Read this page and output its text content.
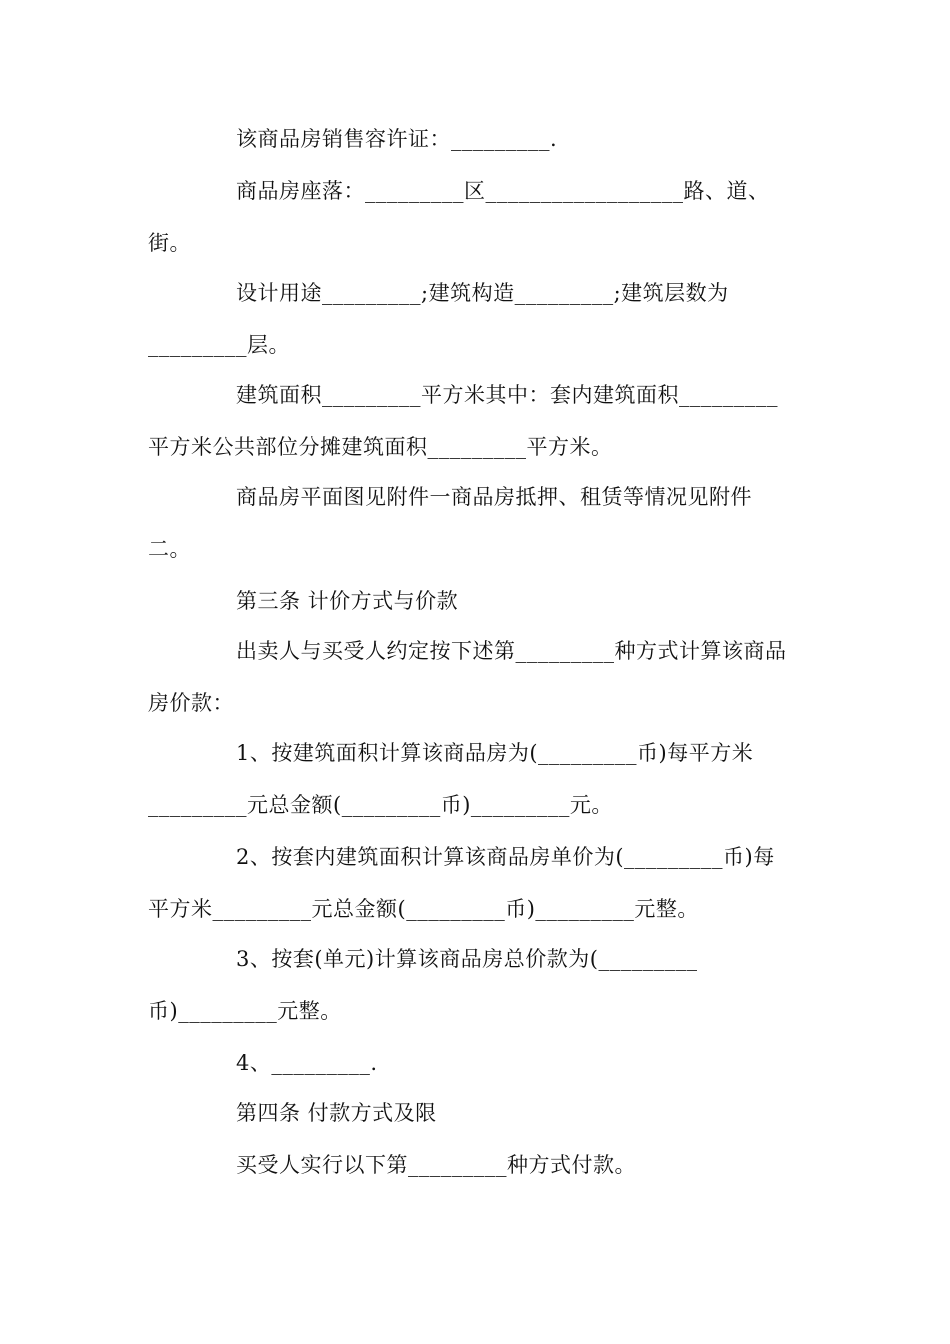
该商品房销售容许证：_________.
商品房座落：_________区__________________路、道、
街。
设计用途_________;建筑构造_________;建筑层数为
_________层。
建筑面积_________平方米其中：套内建筑面积_________
平方米公共部位分摊建筑面积_________平方米。
商品房平面图见附件一商品房抵押、租赁等情况见附件
二。
第三条 计价方式与价款
出卖人与买受人约定按下述第_________种方式计算该商品
房价款：
1、按建筑面积计算该商品房为(_________币)每平方米
_________元总金额(_________币)_________元。
2、按套内建筑面积计算该商品房单价为(_________币)每
平方米_________元总金额(_________币)_________元整。
3、按套(单元)计算该商品房总价款为(_________
币)_________元整。
4、_________.
第四条 付款方式及限
买受人实行以下第_________种方式付款。
